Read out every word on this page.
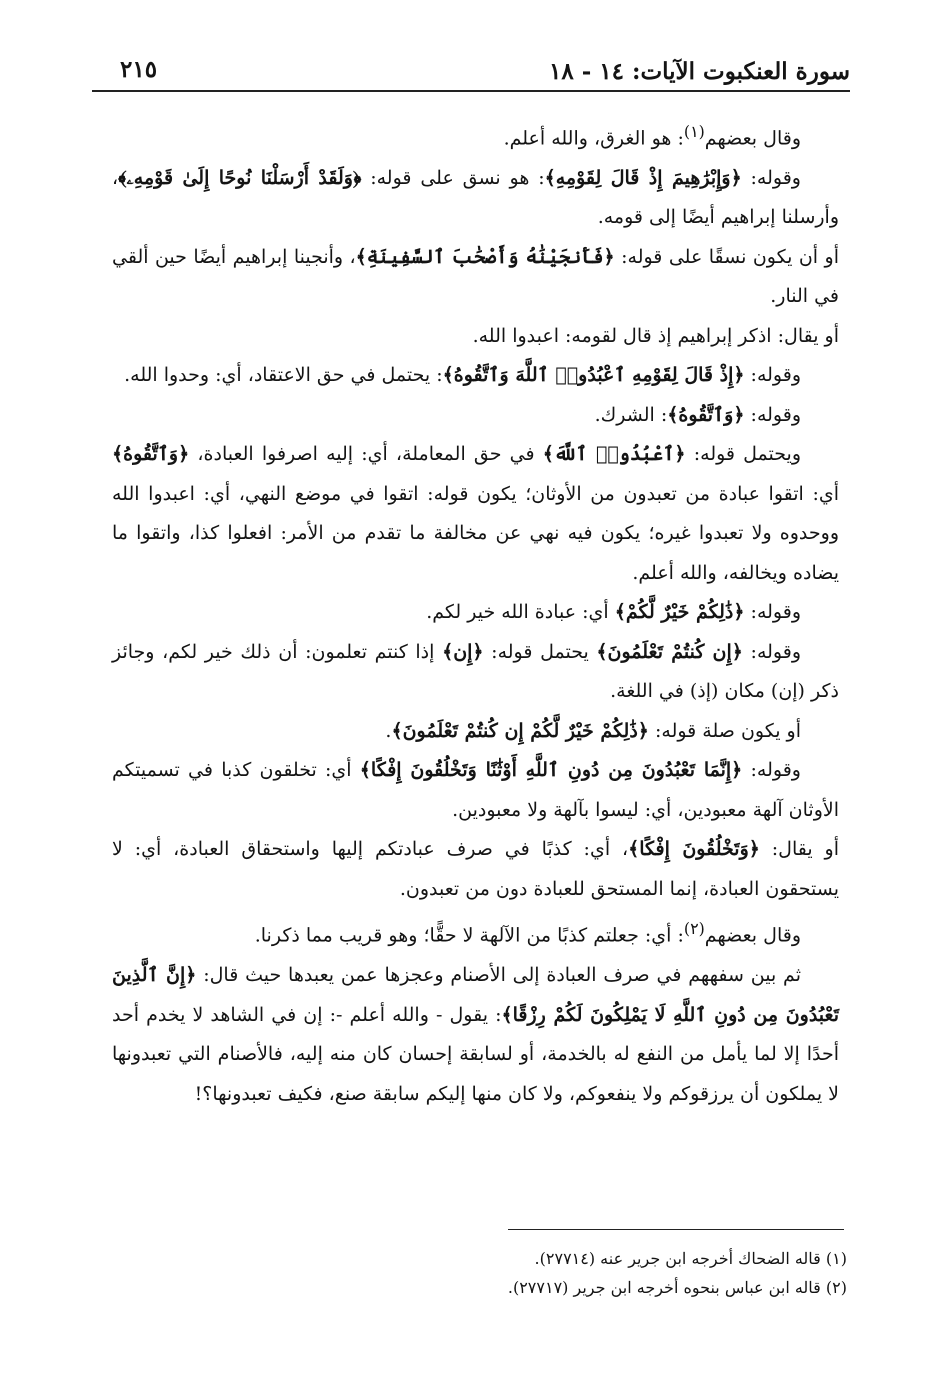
سورة العنكبوت الآيات: ١٤ - ١٨
٢١٥

وقال بعضهم$^{(١)}$: هو الغرق، والله أعلم.

وقوله: ﴿وَإِبْرَٰهِيمَ إِذْ قَالَ لِقَوْمِهِ﴾: هو نسق على قوله: ﴿وَلَقَدْ أَرْسَلْنَا نُوحًا إِلَىٰ قَوْمِهِۦ﴾، وأرسلنا إبراهيم أيضًا إلى قومه.

أو أن يكون نسقًا على قوله: ﴿فَأَنجَيْنَٰهُ وَأَصْحَٰبَ ٱلسَّفِينَةِ﴾، وأنجينا إبراهيم أيضًا حين ألقي في النار.

أو يقال: اذكر إبراهيم إذ قال لقومه: اعبدوا الله.

وقوله: ﴿إِذْ قَالَ لِقَوْمِهِ ٱعْبُدُوا۟ ٱللَّهَ وَٱتَّقُوهُ﴾: يحتمل في حق الاعتقاد، أي: وحدوا الله.

وقوله: ﴿وَٱتَّقُوهُ﴾: الشرك.

ويحتمل قوله: ﴿ٱعْبُدُوا۟ ٱللَّهَ﴾ في حق المعاملة، أي: إليه اصرفوا العبادة، ﴿وَٱتَّقُوهُ﴾ أي: اتقوا عبادة من تعبدون من الأوثان؛ يكون قوله: اتقوا في موضع النهي، أي: اعبدوا الله ووحدوه ولا تعبدوا غيره؛ يكون فيه نهي عن مخالفة ما تقدم من الأمر: افعلوا كذا، واتقوا ما يضاده ويخالفه، والله أعلم.

وقوله: ﴿ذَٰلِكُمْ خَيْرٌ لَّكُمْ﴾ أي: عبادة الله خير لكم.

وقوله: ﴿إِن كُنتُمْ تَعْلَمُونَ﴾ يحتمل قوله: ﴿إِن﴾ إذا كنتم تعلمون: أن ذلك خير لكم، وجائز ذكر (إن) مكان (إذ) في اللغة.

أو يكون صلة قوله: ﴿ذَٰلِكُمْ خَيْرٌ لَّكُمْ إِن كُنتُمْ تَعْلَمُونَ﴾.

وقوله: ﴿إِنَّمَا تَعْبُدُونَ مِن دُونِ ٱللَّهِ أَوْثَٰنًا وَتَخْلُقُونَ إِفْكًا﴾ أي: تخلقون كذبا في تسميتكم الأوثان آلهة معبودين، أي: ليسوا بآلهة ولا معبودين.

أو يقال: ﴿وَتَخْلُقُونَ إِفْكًا﴾، أي: كذبًا في صرف عبادتكم إليها واستحقاق العبادة، أي: لا يستحقون العبادة، إنما المستحق للعبادة دون من تعبدون.

وقال بعضهم$^{(٢)}$: أي: جعلتم كذبًا من الآلهة لا حقًّا؛ وهو قريب مما ذكرنا.

ثم بين سفههم في صرف العبادة إلى الأصنام وعجزها عمن يعبدها حيث قال: ﴿إِنَّ ٱلَّذِينَ تَعْبُدُونَ مِن دُونِ ٱللَّهِ لَا يَمْلِكُونَ لَكُمْ رِزْقًا﴾: يقول - والله أعلم -: إن في الشاهد لا يخدم أحد أحدًا إلا لما يأمل من النفع له بالخدمة، أو لسابقة إحسان كان منه إليه، فالأصنام التي تعبدونها لا يملكون أن يرزقوكم ولا ينفعوكم، ولا كان منها إليكم سابقة صنع، فكيف تعبدونها؟!

(١) قاله الضحاك أخرجه ابن جرير عنه (٢٧٧١٤).

(٢) قاله ابن عباس بنحوه أخرجه ابن جرير (٢٧٧١٧).
